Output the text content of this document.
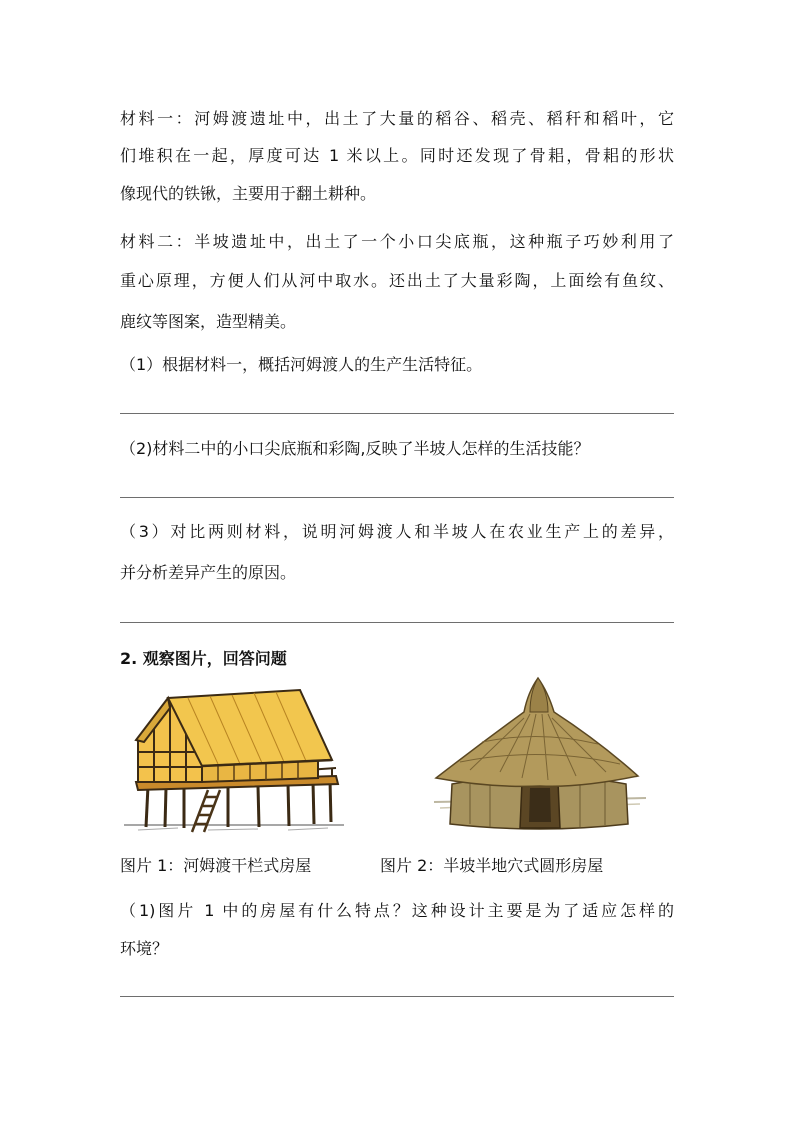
材料一：河姆渡遗址中，出土了大量的稻谷、稻壳、稻秆和稻叶，它
们堆积在一起，厚度可达 1 米以上。同时还发现了骨耜，骨耜的形状
像现代的铁锹，主要用于翻土耕种。
材料二：半坡遗址中，出土了一个小口尖底瓶，这种瓶子巧妙利用了
重心原理，方便人们从河中取水。还出土了大量彩陶，上面绘有鱼纹、
鹿纹等图案，造型精美。
（1）根据材料一，概括河姆渡人的生产生活特征。
（2)材料二中的小口尖底瓶和彩陶,反映了半坡人怎样的生活技能？
（3）对比两则材料，说明河姆渡人和半坡人在农业生产上的差异，
并分析差异产生的原因。
2. 观察图片，回答问题
图片 1：河姆渡干栏式房屋	图片 2：半坡半地穴式圆形房屋
（1)图片 1 中的房屋有什么特点？这种设计主要是为了适应怎样的
环境？
